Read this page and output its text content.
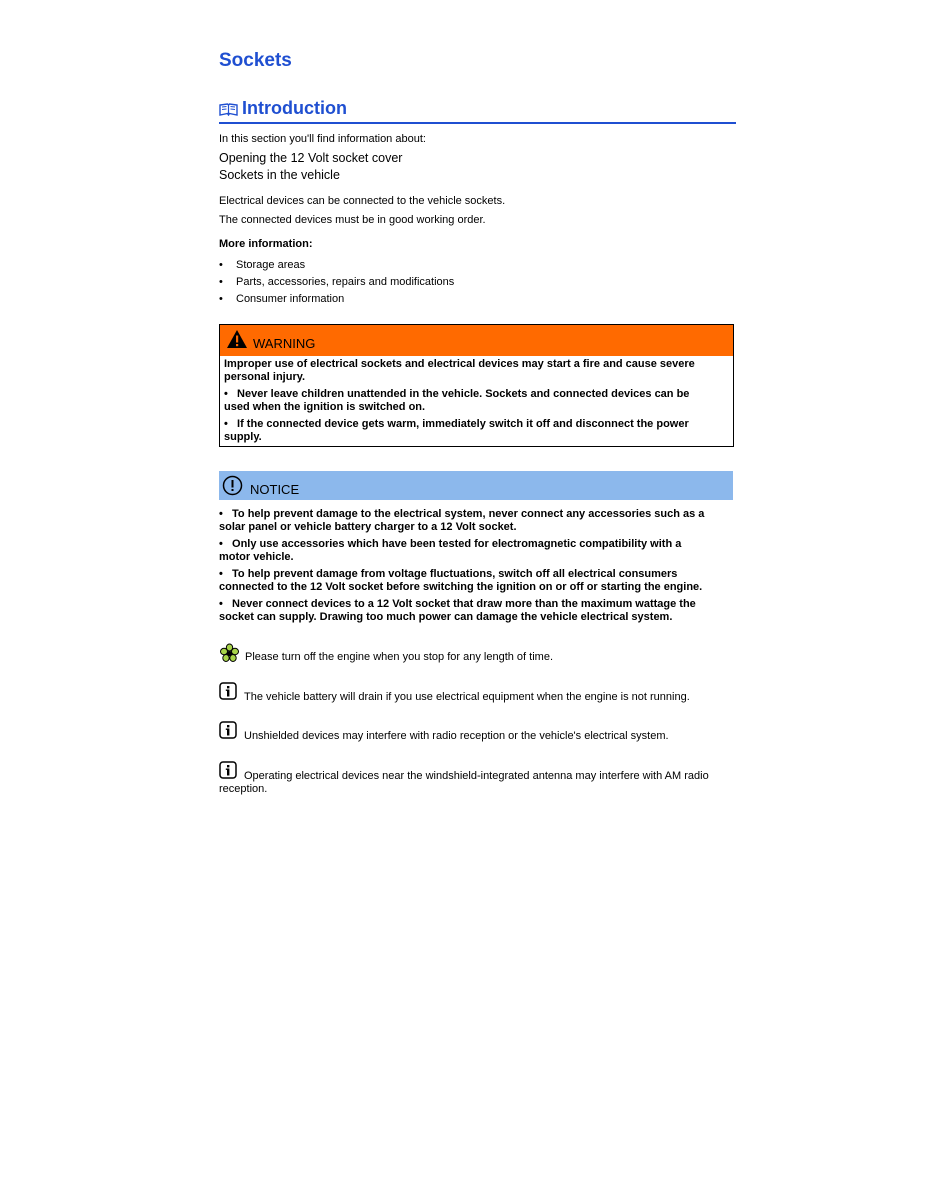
Sockets
Introduction
In this section you'll find information about:
Opening the 12 Volt socket cover
Sockets in the vehicle
Electrical devices can be connected to the vehicle sockets.
The connected devices must be in good working order.
More information:
• Storage areas
• Parts, accessories, repairs and modifications
• Consumer information
WARNING
Improper use of electrical sockets and electrical devices may start a fire and cause severe
personal injury.
• Never leave children unattended in the vehicle. Sockets and connected devices can be
used when the ignition is switched on.
• If the connected device gets warm, immediately switch it off and disconnect the power
supply.
NOTICE
• To help prevent damage to the electrical system, never connect any accessories such as a
solar panel or vehicle battery charger to a 12 Volt socket.
• Only use accessories which have been tested for electromagnetic compatibility with a
motor vehicle.
• To help prevent damage from voltage fluctuations, switch off all electrical consumers
connected to the 12 Volt socket before switching the ignition on or off or starting the engine.
• Never connect devices to a 12 Volt socket that draw more than the maximum wattage the
socket can supply. Drawing too much power can damage the vehicle electrical system.
Please turn off the engine when you stop for any length of time.
The vehicle battery will drain if you use electrical equipment when the engine is not running.
Unshielded devices may interfere with radio reception or the vehicle's electrical system.
Operating electrical devices near the windshield-integrated antenna may interfere with AM radio
reception.
